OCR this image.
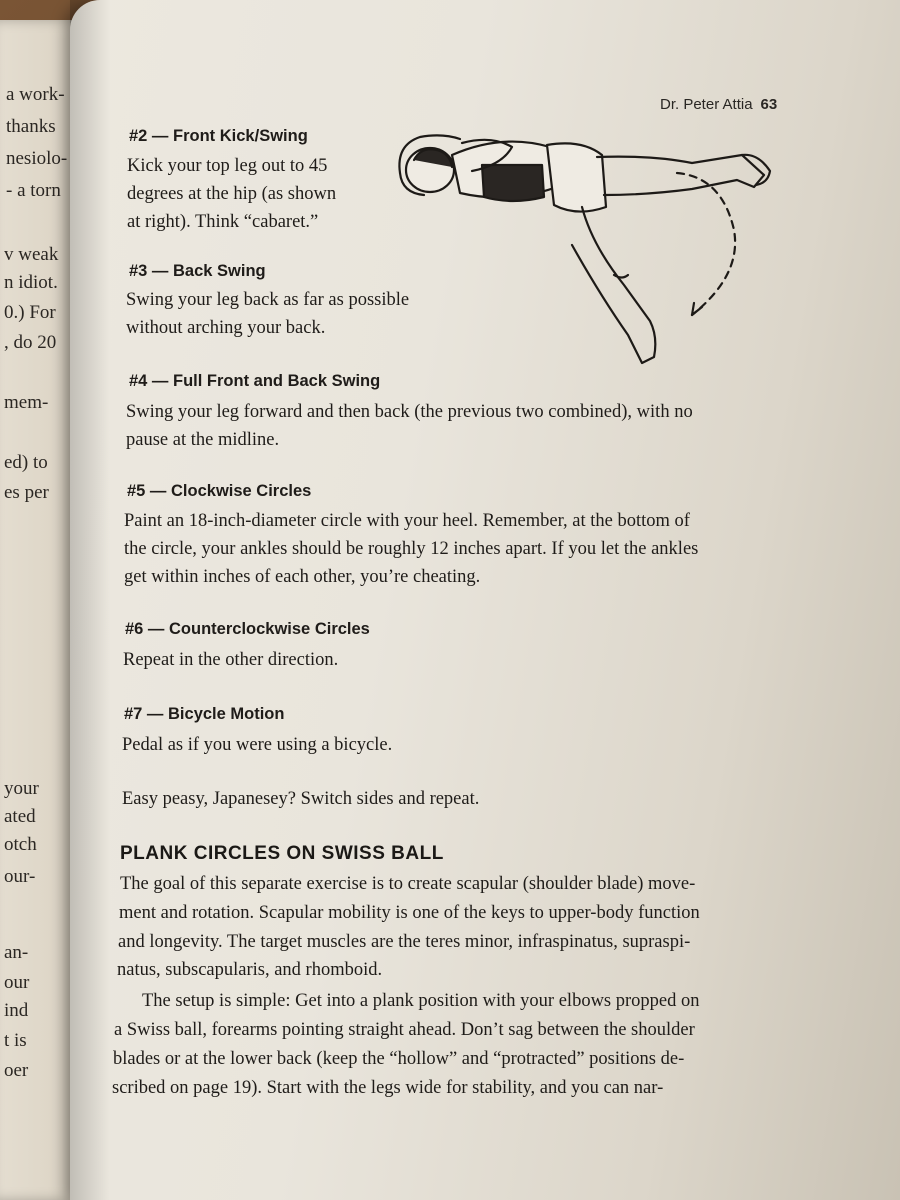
a work-
thanks
nesiolo-
- a torn
v weak
n idiot.
0.) For
, do 20
mem-
ed) to
es per
your
ated
otch
our-
an-
our
ind
t is
oer
Dr. Peter Attia 63
#2 — Front Kick/Swing
Kick your top leg out to 45
degrees at the hip (as shown
at right). Think “cabaret.”
#3 — Back Swing
Swing your leg back as far as possible
without arching your back.
#4 — Full Front and Back Swing
Swing your leg forward and then back (the previous two combined), with no
pause at the midline.
#5 — Clockwise Circles
Paint an 18-inch-diameter circle with your heel. Remember, at the bottom of
the circle, your ankles should be roughly 12 inches apart. If you let the ankles
get within inches of each other, you’re cheating.
#6 — Counterclockwise Circles
Repeat in the other direction.
#7 — Bicycle Motion
Pedal as if you were using a bicycle.
Easy peasy, Japanesey? Switch sides and repeat.
PLANK CIRCLES ON SWISS BALL
The goal of this separate exercise is to create scapular (shoulder blade) move-
ment and rotation. Scapular mobility is one of the keys to upper-body function
and longevity. The target muscles are the teres minor, infraspinatus, supraspi-
natus, subscapularis, and rhomboid.
The setup is simple: Get into a plank position with your elbows propped on
a Swiss ball, forearms pointing straight ahead. Don’t sag between the shoulder
blades or at the lower back (keep the “hollow” and “protracted” positions de-
scribed on page 19). Start with the legs wide for stability, and you can nar-
